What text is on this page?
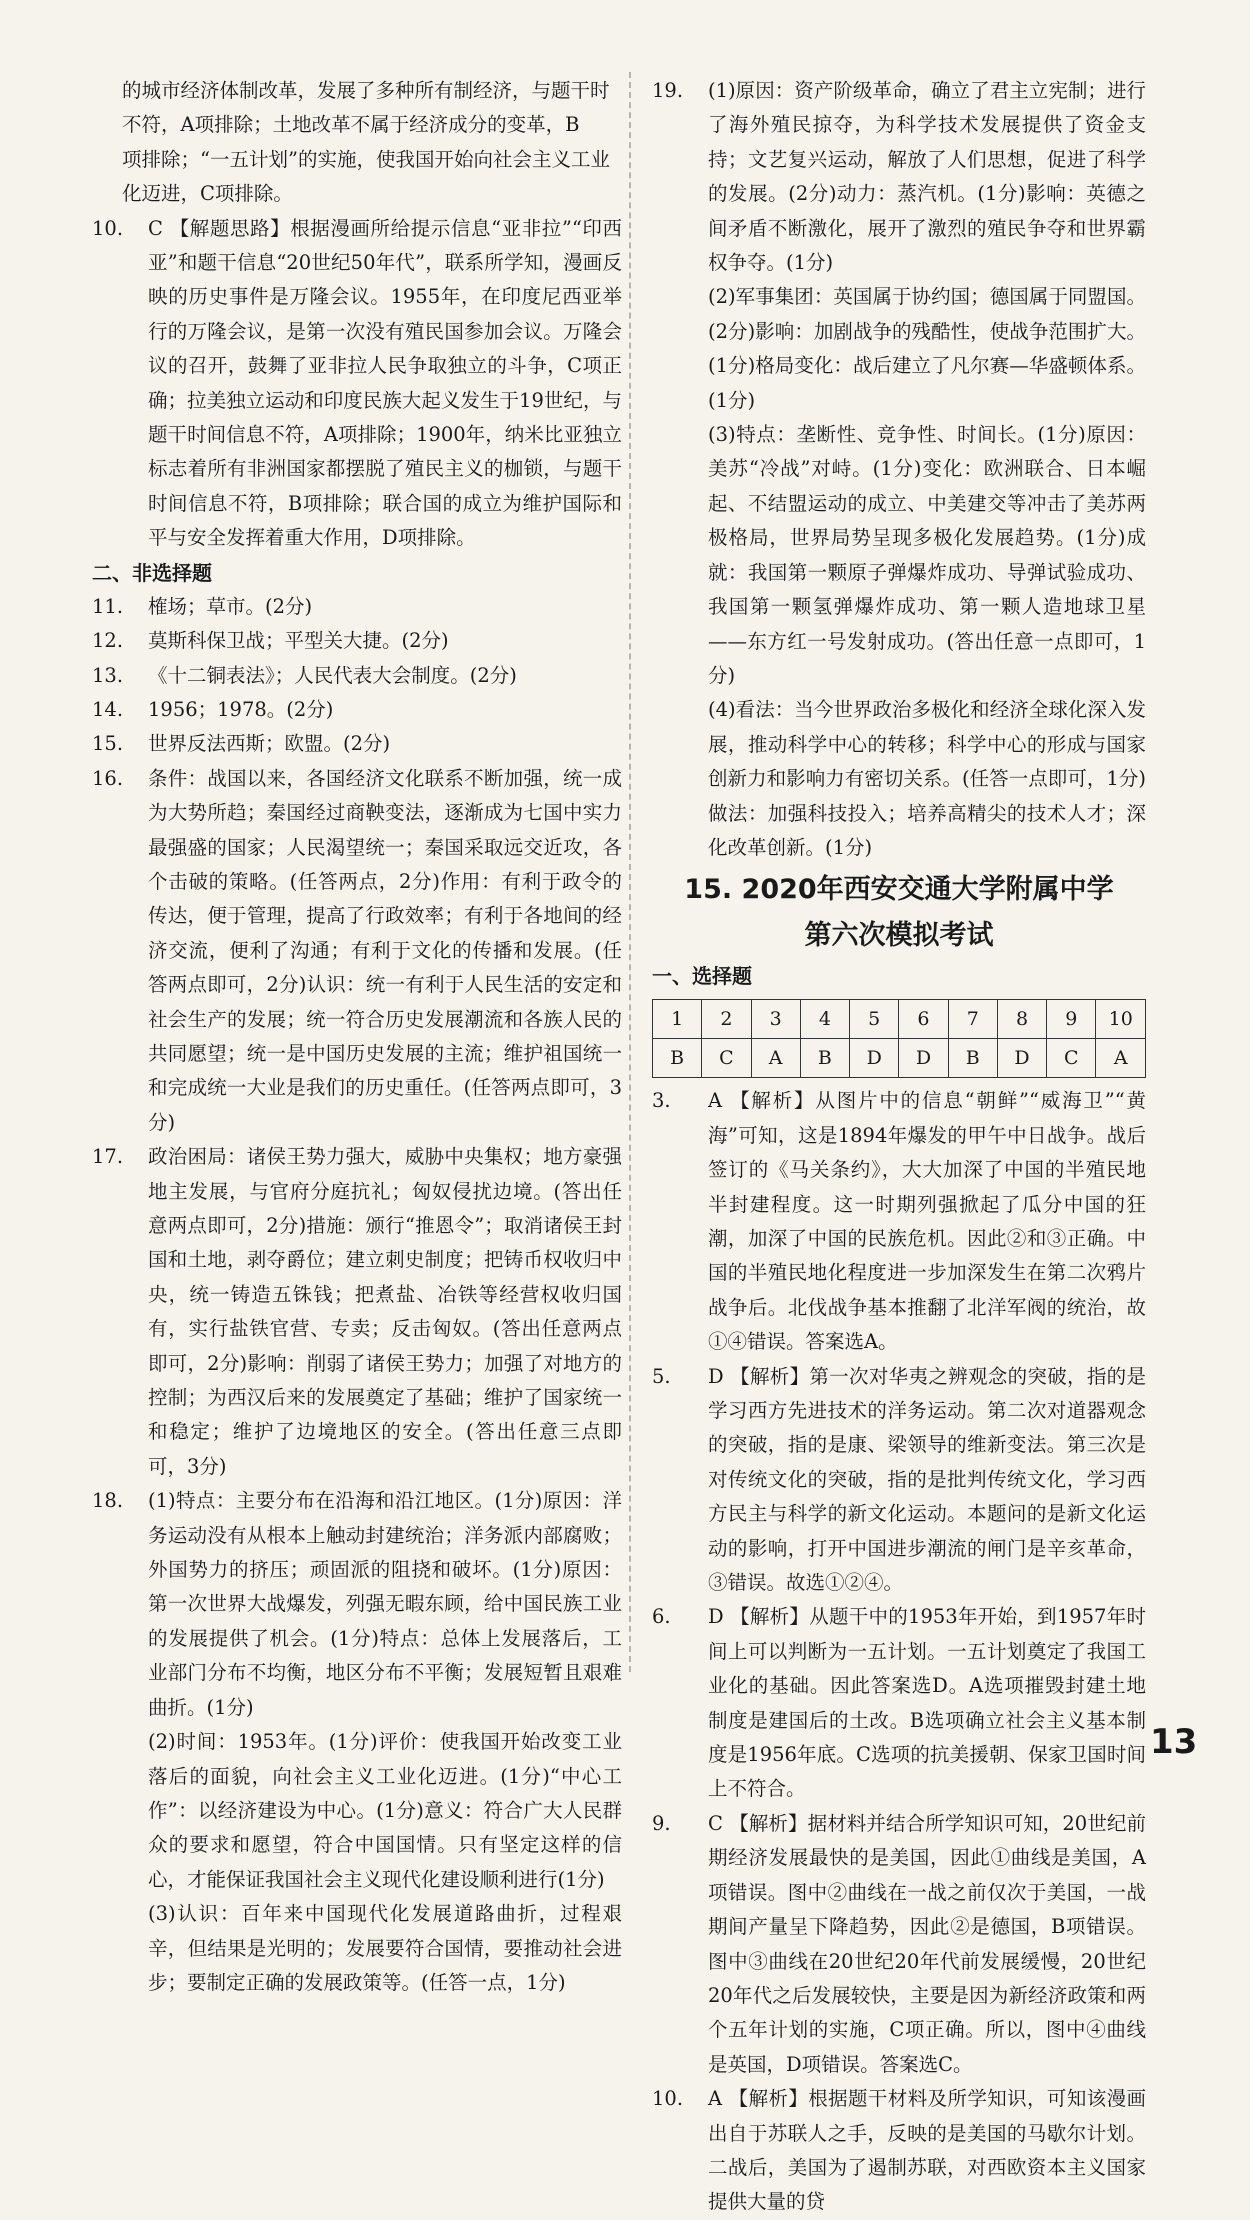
的城市经济体制改革，发展了多种所有制经济，与题干时

不符，A项排除；土地改革不属于经济成分的变革，B

项排除；“一五计划”的实施，使我国开始向社会主义工业

化迈进，C项排除。

10.	C 【解题思路】根据漫画所给提示信息“亚非拉”“印西亚”和题干信息“20世纪50年代”，联系所学知，漫画反映的历史事件是万隆会议。1955年，在印度尼西亚举行的万隆会议，是第一次没有殖民国参加会议。万隆会议的召开，鼓舞了亚非拉人民争取独立的斗争，C项正确；拉美独立运动和印度民族大起义发生于19世纪，与题干时间信息不符，A项排除；1900年，纳米比亚独立标志着所有非洲国家都摆脱了殖民主义的枷锁，与题干时间信息不符，B项排除；联合国的成立为维护国际和平与安全发挥着重大作用，D项排除。

二、非选择题

11.	榷场；草市。(2分)
12.	莫斯科保卫战；平型关大捷。(2分)
13.	《十二铜表法》；人民代表大会制度。(2分)
14.	1956；1978。(2分)
15.	世界反法西斯；欧盟。(2分)
16.	条件：战国以来，各国经济文化联系不断加强，统一成为大势所趋；秦国经过商鞅变法，逐渐成为七国中实力最强盛的国家；人民渴望统一；秦国采取远交近攻，各个击破的策略。(任答两点，2分)作用：有利于政令的传达，便于管理，提高了行政效率；有利于各地间的经济交流，便利了沟通；有利于文化的传播和发展。(任答两点即可，2分)认识：统一有利于人民生活的安定和社会生产的发展；统一符合历史发展潮流和各族人民的共同愿望；统一是中国历史发展的主流；维护祖国统一和完成统一大业是我们的历史重任。(任答两点即可，3分)
17.	政治困局：诸侯王势力强大，威胁中央集权；地方豪强地主发展，与官府分庭抗礼；匈奴侵扰边境。(答出任意两点即可，2分)措施：颁行“推恩令”；取消诸侯王封国和土地，剥夺爵位；建立刺史制度；把铸币权收归中央，统一铸造五铢钱；把煮盐、冶铁等经营权收归国有，实行盐铁官营、专卖；反击匈奴。(答出任意两点即可，2分)影响：削弱了诸侯王势力；加强了对地方的控制；为西汉后来的发展奠定了基础；维护了国家统一和稳定；维护了边境地区的安全。(答出任意三点即可，3分)
18.	(1)特点：主要分布在沿海和沿江地区。(1分)原因：洋务运动没有从根本上触动封建统治；洋务派内部腐败；外国势力的挤压；顽固派的阻挠和破坏。(1分)原因：第一次世界大战爆发，列强无暇东顾，给中国民族工业的发展提供了机会。(1分)特点：总体上发展落后，工业部门分布不均衡，地区分布不平衡；发展短暂且艰难曲折。(1分)

(2)时间：1953年。(1分)评价：使我国开始改变工业落后的面貌，向社会主义工业化迈进。(1分)“中心工作”：以经济建设为中心。(1分)意义：符合广大人民群众的要求和愿望，符合中国国情。只有坚定这样的信心，才能保证我国社会主义现代化建设顺利进行(1分)

(3)认识：百年来中国现代化发展道路曲折，过程艰辛，但结果是光明的；发展要符合国情，要推动社会进步；要制定正确的发展政策等。(任答一点，1分)

19.	(1)原因：资产阶级革命，确立了君主立宪制；进行了海外殖民掠夺，为科学技术发展提供了资金支持；文艺复兴运动，解放了人们思想，促进了科学的发展。(2分)动力：蒸汽机。(1分)影响：英德之间矛盾不断激化，展开了激烈的殖民争夺和世界霸权争夺。(1分)

(2)军事集团：英国属于协约国；德国属于同盟国。(2分)影响：加剧战争的残酷性，使战争范围扩大。(1分)格局变化：战后建立了凡尔赛—华盛顿体系。(1分)

(3)特点：垄断性、竞争性、时间长。(1分)原因：美苏“冷战”对峙。(1分)变化：欧洲联合、日本崛起、不结盟运动的成立、中美建交等冲击了美苏两极格局，世界局势呈现多极化发展趋势。(1分)成就：我国第一颗原子弹爆炸成功、导弹试验成功、我国第一颗氢弹爆炸成功、第一颗人造地球卫星——东方红一号发射成功。(答出任意一点即可，1分)

(4)看法：当今世界政治多极化和经济全球化深入发展，推动科学中心的转移；科学中心的形成与国家创新力和影响力有密切关系。(任答一点即可，1分)做法：加强科技投入；培养高精尖的技术人才；深化改革创新。(1分)

15. 2020年西安交通大学附属中学
第六次模拟考试

一、选择题

1	2	3	4	5	6	7	8	9	10
B	C	A	B	D	D	B	D	C	A
3.	A 【解析】从图片中的信息“朝鲜”“威海卫”“黄海”可知，这是1894年爆发的甲午中日战争。战后签订的《马关条约》，大大加深了中国的半殖民地半封建程度。这一时期列强掀起了瓜分中国的狂潮，加深了中国的民族危机。因此②和③正确。中国的半殖民地化程度进一步加深发生在第二次鸦片战争后。北伐战争基本推翻了北洋军阀的统治，故①④错误。答案选A。
5.	D 【解析】第一次对华夷之辨观念的突破，指的是学习西方先进技术的洋务运动。第二次对道器观念的突破，指的是康、梁领导的维新变法。第三次是对传统文化的突破，指的是批判传统文化，学习西方民主与科学的新文化运动。本题问的是新文化运动的影响，打开中国进步潮流的闸门是辛亥革命，③错误。故选①②④。
6.	D 【解析】从题干中的1953年开始，到1957年时间上可以判断为一五计划。一五计划奠定了我国工业化的基础。因此答案选D。A选项摧毁封建土地制度是建国后的土改。B选项确立社会主义基本制度是1956年底。C选项的抗美援朝、保家卫国时间上不符合。
9.	C 【解析】据材料并结合所学知识可知，20世纪前期经济发展最快的是美国，因此①曲线是美国，A项错误。图中②曲线在一战之前仅次于美国，一战期间产量呈下降趋势，因此②是德国，B项错误。图中③曲线在20世纪20年代前发展缓慢，20世纪20年代之后发展较快，主要是因为新经济政策和两个五年计划的实施，C项正确。所以，图中④曲线是英国，D项错误。答案选C。
10.	A 【解析】根据题干材料及所学知识，可知该漫画出自于苏联人之手，反映的是美国的马歇尔计划。二战后，美国为了遏制苏联，对西欧资本主义国家提供大量的贷
13
